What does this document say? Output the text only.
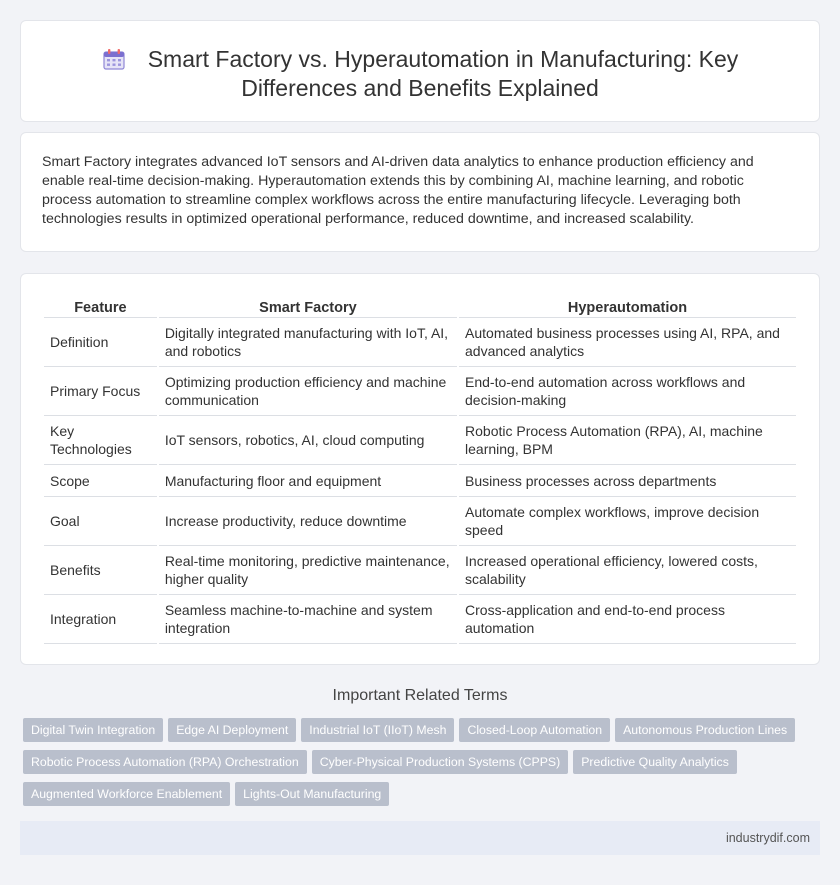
Smart Factory vs. Hyperautomation in Manufacturing: Key
Differences and Benefits Explained

Smart Factory integrates advanced IoT sensors and AI-driven data analytics to enhance production efficiency and enable real-time decision-making. Hyperautomation extends this by combining AI, machine learning, and robotic process automation to streamline complex workflows across the entire manufacturing lifecycle. Leveraging both technologies results in optimized operational performance, reduced downtime, and increased scalability.

Feature	Smart Factory	Hyperautomation
Definition	Digitally integrated manufacturing with IoT, AI, and robotics	Automated business processes using AI, RPA, and advanced analytics
Primary Focus	Optimizing production efficiency and machine communication	End-to-end automation across workflows and decision-making
Key Technologies	IoT sensors, robotics, AI, cloud computing	Robotic Process Automation (RPA), AI, machine learning, BPM
Scope	Manufacturing floor and equipment	Business processes across departments
Goal	Increase productivity, reduce downtime	Automate complex workflows, improve decision speed
Benefits	Real-time monitoring, predictive maintenance, higher quality	Increased operational efficiency, lowered costs, scalability
Integration	Seamless machine-to-machine and system integration	Cross-application and end-to-end process automation
Important Related Terms
Digital Twin Integration Edge AI Deployment Industrial IoT (IIoT) Mesh Closed-Loop Automation Autonomous Production Lines
Robotic Process Automation (RPA) Orchestration Cyber-Physical Production Systems (CPPS) Predictive Quality Analytics
Augmented Workforce Enablement Lights-Out Manufacturing
industrydif.com
